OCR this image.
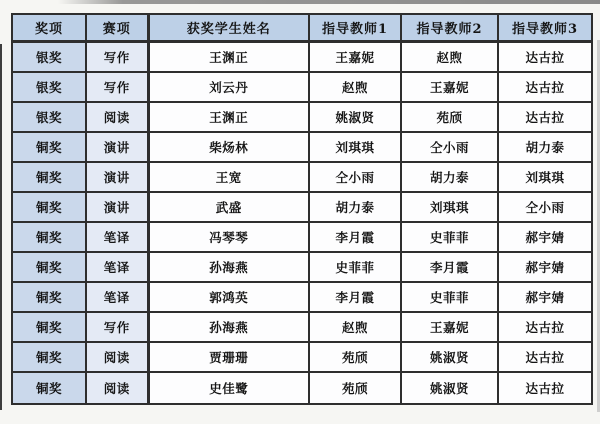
奖项	赛项	获奖学生姓名	指导教师1	指导教师2	指导教师3
银奖	写作	王渊正	王嘉妮	赵煦	达古拉
银奖	写作	刘云丹	赵煦	王嘉妮	达古拉
银奖	阅读	王渊正	姚淑贤	苑颀	达古拉
铜奖	演讲	柴炀林	刘琪琪	仝小雨	胡力泰
铜奖	演讲	王宽	仝小雨	胡力泰	刘琪琪
铜奖	演讲	武盛	胡力泰	刘琪琪	仝小雨
铜奖	笔译	冯琴琴	李月霞	史菲菲	郝宇婧
铜奖	笔译	孙海燕	史菲菲	李月霞	郝宇婧
铜奖	笔译	郭鸿英	李月霞	史菲菲	郝宇婧
铜奖	写作	孙海燕	赵煦	王嘉妮	达古拉
铜奖	阅读	贾珊珊	苑颀	姚淑贤	达古拉
铜奖	阅读	史佳鹭	苑颀	姚淑贤	达古拉
